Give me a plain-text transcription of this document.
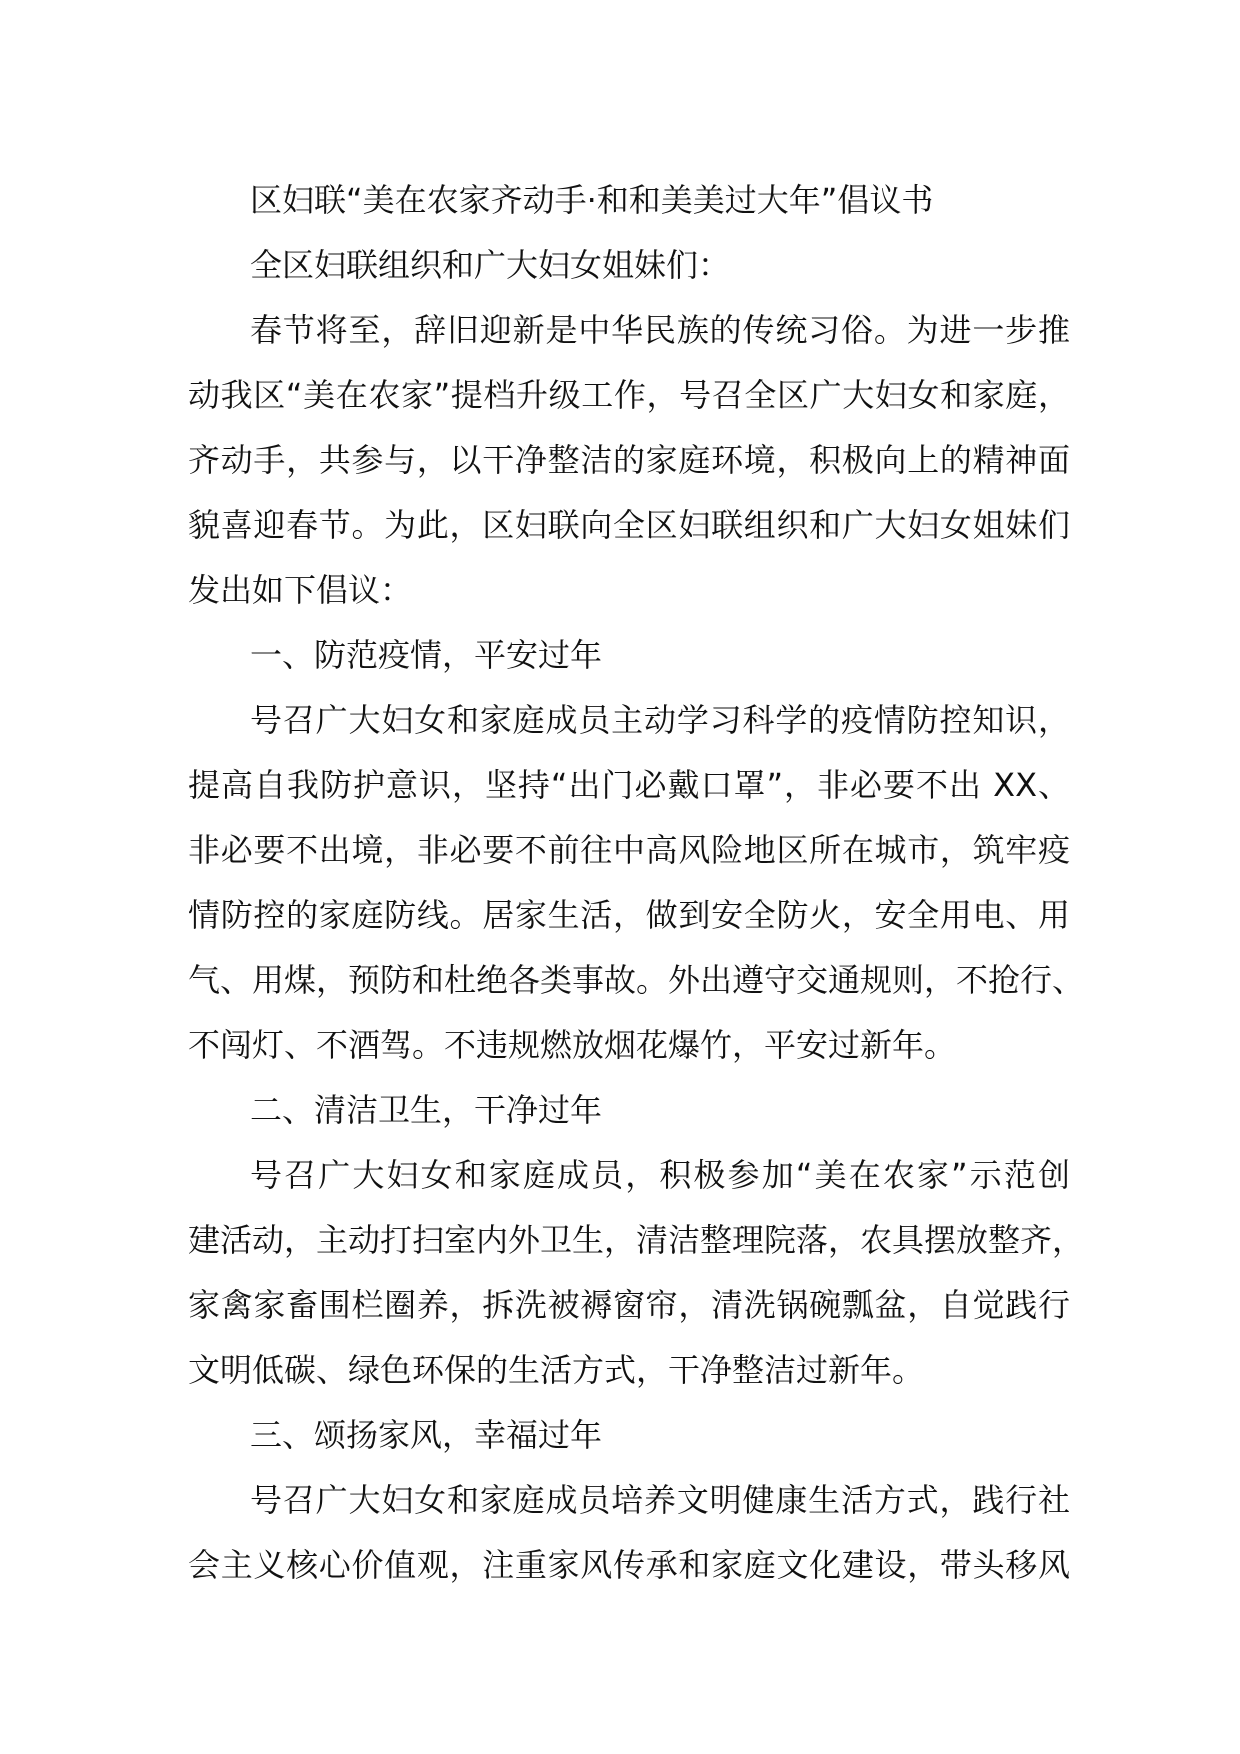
区妇联“美在农家齐动手·和和美美过大年”倡议书
全区妇联组织和广大妇女姐妹们：
春节将至，辞旧迎新是中华民族的传统习俗。为进一步推
动我区“美在农家”提档升级工作，号召全区广大妇女和家庭，
齐动手，共参与，以干净整洁的家庭环境，积极向上的精神面
貌喜迎春节。为此，区妇联向全区妇联组织和广大妇女姐妹们
发出如下倡议：
一、防范疫情，平安过年
号召广大妇女和家庭成员主动学习科学的疫情防控知识，
提高自我防护意识，坚持“出门必戴口罩”，非必要不出 XX、
非必要不出境，非必要不前往中高风险地区所在城市，筑牢疫
情防控的家庭防线。居家生活，做到安全防火，安全用电、用
气、用煤，预防和杜绝各类事故。外出遵守交通规则，不抢行、
不闯灯、不酒驾。不违规燃放烟花爆竹，平安过新年。
二、清洁卫生，干净过年
号召广大妇女和家庭成员，积极参加“美在农家”示范创
建活动，主动打扫室内外卫生，清洁整理院落，农具摆放整齐，
家禽家畜围栏圈养，拆洗被褥窗帘，清洗锅碗瓢盆，自觉践行
文明低碳、绿色环保的生活方式，干净整洁过新年。
三、颂扬家风，幸福过年
号召广大妇女和家庭成员培养文明健康生活方式，践行社
会主义核心价值观，注重家风传承和家庭文化建设，带头移风
